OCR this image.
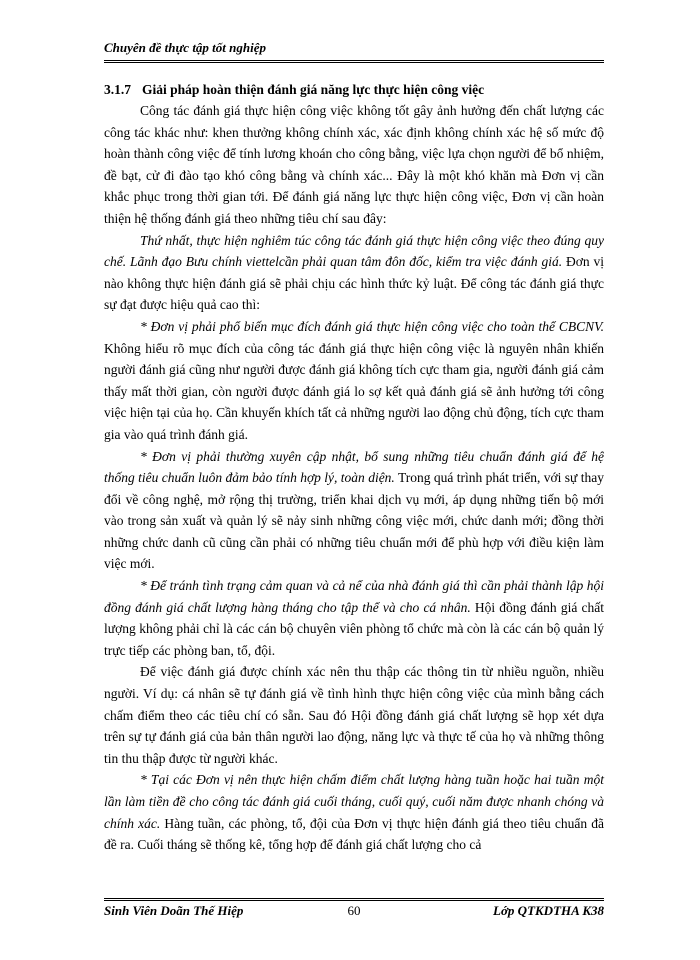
Chuyên đề thực tập tốt nghiệp
3.1.7 Giải pháp hoàn thiện đánh giá năng lực thực hiện công việc

Công tác đánh giá thực hiện công việc không tốt gây ảnh hưởng đến chất lượng các công tác khác như: khen thưởng không chính xác, xác định không chính xác hệ số mức độ hoàn thành công việc để tính lương khoán cho công bằng, việc lựa chọn người để bổ nhiệm, đề bạt, cử đi đào tạo khó công bằng và chính xác... Đây là một khó khăn mà Đơn vị cần khắc phục trong thời gian tới. Để đánh giá năng lực thực hiện công việc, Đơn vị cần hoàn thiện hệ thống đánh giá theo những tiêu chí sau đây:

Thứ nhất, thực hiện nghiêm túc công tác đánh giá thực hiện công việc theo đúng quy chế. Lãnh đạo Bưu chính viettelcần phải quan tâm đôn đốc, kiểm tra việc đánh giá. Đơn vị nào không thực hiện đánh giá sẽ phải chịu các hình thức kỷ luật. Để công tác đánh giá thực sự đạt được hiệu quả cao thì:

* Đơn vị phải phổ biến mục đích đánh giá thực hiện công việc cho toàn thể CBCNV. Không hiểu rõ mục đích của công tác đánh giá thực hiện công việc là nguyên nhân khiến người đánh giá cũng như người được đánh giá không tích cực tham gia, người đánh giá cảm thấy mất thời gian, còn người được đánh giá lo sợ kết quả đánh giá sẽ ảnh hưởng tới công việc hiện tại của họ. Cần khuyến khích tất cả những người lao động chủ động, tích cực tham gia vào quá trình đánh giá.

* Đơn vị phải thường xuyên cập nhật, bổ sung những tiêu chuẩn đánh giá để hệ thống tiêu chuẩn luôn đảm bảo tính hợp lý, toàn diện. Trong quá trình phát triển, với sự thay đổi về công nghệ, mở rộng thị trường, triển khai dịch vụ mới, áp dụng những tiến bộ mới vào trong sản xuất và quản lý sẽ nảy sinh những công việc mới, chức danh mới; đồng thời những chức danh cũ cũng cần phải có những tiêu chuẩn mới để phù hợp với điều kiện làm việc mới.

* Để tránh tình trạng cảm quan và cả nể của nhà đánh giá thì cần phải thành lập hội đồng đánh giá chất lượng hàng tháng cho tập thể và cho cá nhân. Hội đồng đánh giá chất lượng không phải chỉ là các cán bộ chuyên viên phòng tổ chức mà còn là các cán bộ quản lý trực tiếp các phòng ban, tổ, đội.

Để việc đánh giá được chính xác nên thu thập các thông tin từ nhiều nguồn, nhiều người. Ví dụ: cá nhân sẽ tự đánh giá về tình hình thực hiện công việc của mình bằng cách chấm điểm theo các tiêu chí có sẵn. Sau đó Hội đồng đánh giá chất lượng sẽ họp xét dựa trên sự tự đánh giá của bản thân người lao động, năng lực và thực tế của họ và những thông tin thu thập được từ người khác.

* Tại các Đơn vị nên thực hiện chấm điểm chất lượng hàng tuần hoặc hai tuần một lần làm tiền đề cho công tác đánh giá cuối tháng, cuối quý, cuối năm được nhanh chóng và chính xác. Hàng tuần, các phòng, tổ, đội của Đơn vị thực hiện đánh giá theo tiêu chuẩn đã đề ra. Cuối tháng sẽ thống kê, tổng hợp để đánh giá chất lượng cho cả

Sinh Viên Doãn Thế Hiệp	60	Lớp QTKDTHA K38
